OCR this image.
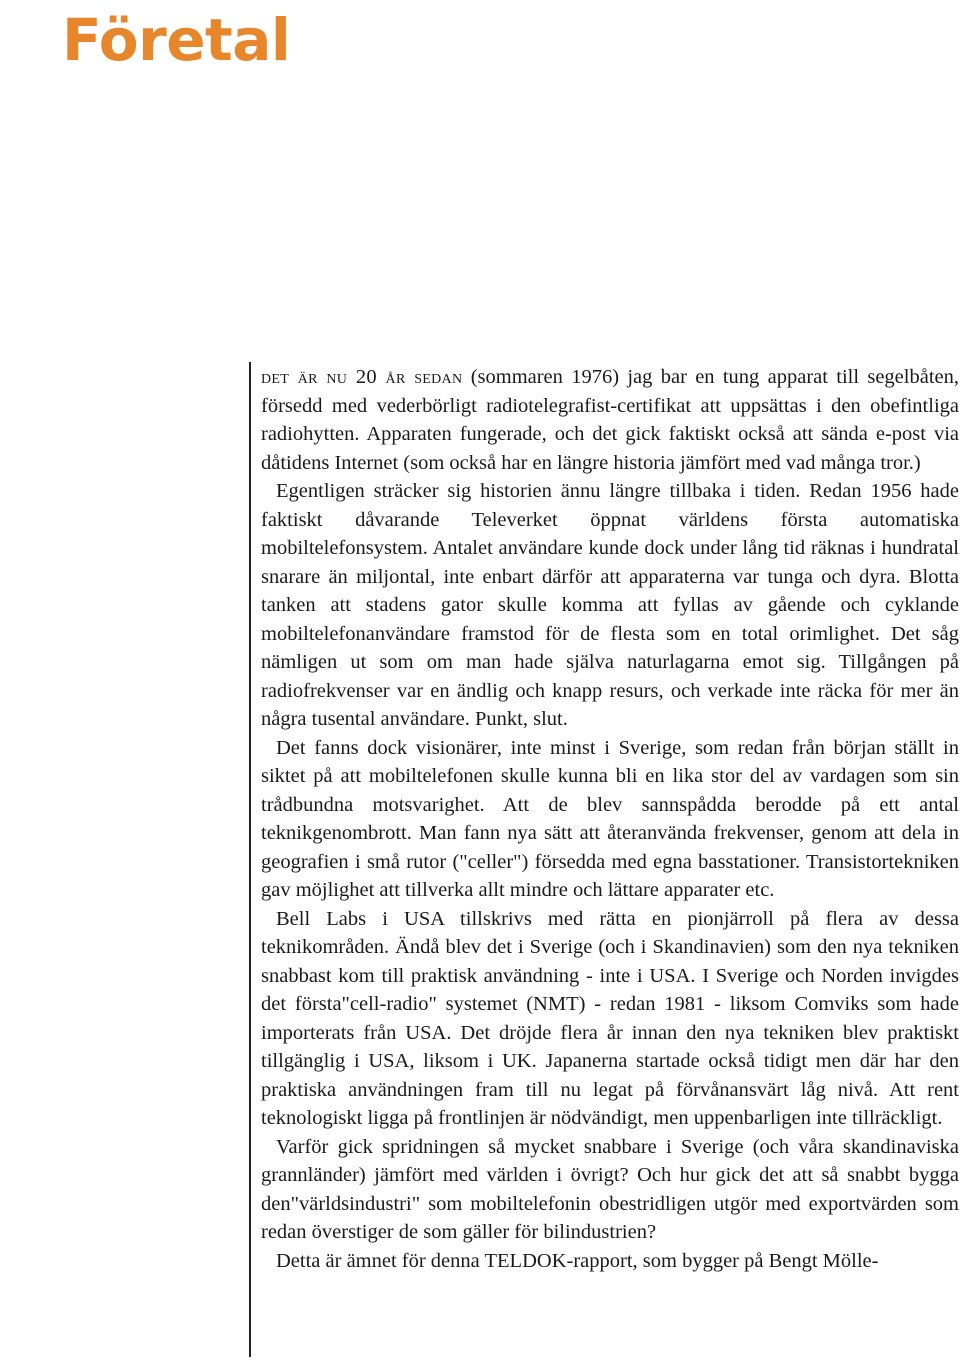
Företal

det är nu 20 år sedan (sommaren 1976) jag bar en tung apparat till segelbåten, försedd med vederbörligt radiotelegrafist-certifikat att uppsättas i den obefintliga radiohytten. Apparaten fungerade, och det gick faktiskt också att sända e-post via dåtidens Internet (som också har en längre historia jämfört med vad många tror.)

Egentligen sträcker sig historien ännu längre tillbaka i tiden. Redan 1956 hade faktiskt dåvarande Televerket öppnat världens första automatiska mobiltelefonsystem. Antalet användare kunde dock under lång tid räknas i hundratal snarare än miljontal, inte enbart därför att apparaterna var tunga och dyra. Blotta tanken att stadens gator skulle komma att fyllas av gående och cyklande mobiltelefonanvändare framstod för de flesta som en total orimlighet. Det såg nämligen ut som om man hade själva naturlagarna emot sig. Tillgången på radiofrekvenser var en ändlig och knapp resurs, och verkade inte räcka för mer än några tusental användare. Punkt, slut.

Det fanns dock visionärer, inte minst i Sverige, som redan från början ställt in siktet på att mobiltelefonen skulle kunna bli en lika stor del av vardagen som sin trådbundna motsvarighet. Att de blev sannspådda berodde på ett antal teknikgenombrott. Man fann nya sätt att återanvända frekvenser, genom att dela in geografien i små rutor ("celler") försedda med egna basstationer. Transistortekniken gav möjlighet att tillverka allt mindre och lättare apparater etc.

Bell Labs i USA tillskrivs med rätta en pionjärroll på flera av dessa teknikområden. Ändå blev det i Sverige (och i Skandinavien) som den nya tekniken snabbast kom till praktisk användning - inte i USA. I Sverige och Norden invigdes det första"cell-radio" systemet (NMT) - redan 1981 - liksom Comviks som hade importerats från USA. Det dröjde flera år innan den nya tekniken blev praktiskt tillgänglig i USA, liksom i UK. Japanerna startade också tidigt men där har den praktiska användningen fram till nu legat på förvånansvärt låg nivå. Att rent teknologiskt ligga på frontlinjen är nödvändigt, men uppenbarligen inte tillräckligt.

Varför gick spridningen så mycket snabbare i Sverige (och våra skandinaviska grannländer) jämfört med världen i övrigt? Och hur gick det att så snabbt bygga den"världsindustri" som mobiltelefonin obestridligen utgör med exportvärden som redan överstiger de som gäller för bilindustrien?

Detta är ämnet för denna TELDOK-rapport, som bygger på Bengt Mölle-
